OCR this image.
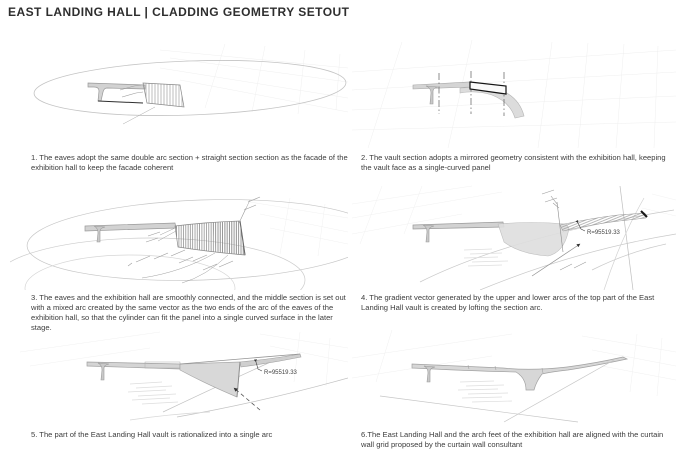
EAST LANDING HALL | CLADDING GEOMETRY SETOUT

1. The eaves adopt the same double arc section + straight section section as the facade of the exhibition hall to keep the facade coherent

2. The vault section adopts a mirrored geometry consistent with the exhibition hall, keeping the vault face as a single-curved panel

3. The eaves and the exhibition hall are smoothly connected, and the middle section is set out with a mixed arc created by the same vector as the two ends of the arc of the eaves of the exhibition hall, so that the cylinder can fit the panel into a single curved surface in the later stage.

R=95519.33

4. The gradient vector generated by the upper and lower arcs of the top part of the East Landing Hall vault is created by lofting the section arc.

R=95519.33

5. The part of the East Landing Hall vault is rationalized into a single arc	6.The East Landing Hall and the arch feet of the exhibition hall are aligned with the curtain wall grid proposed by the curtain wall consultant
